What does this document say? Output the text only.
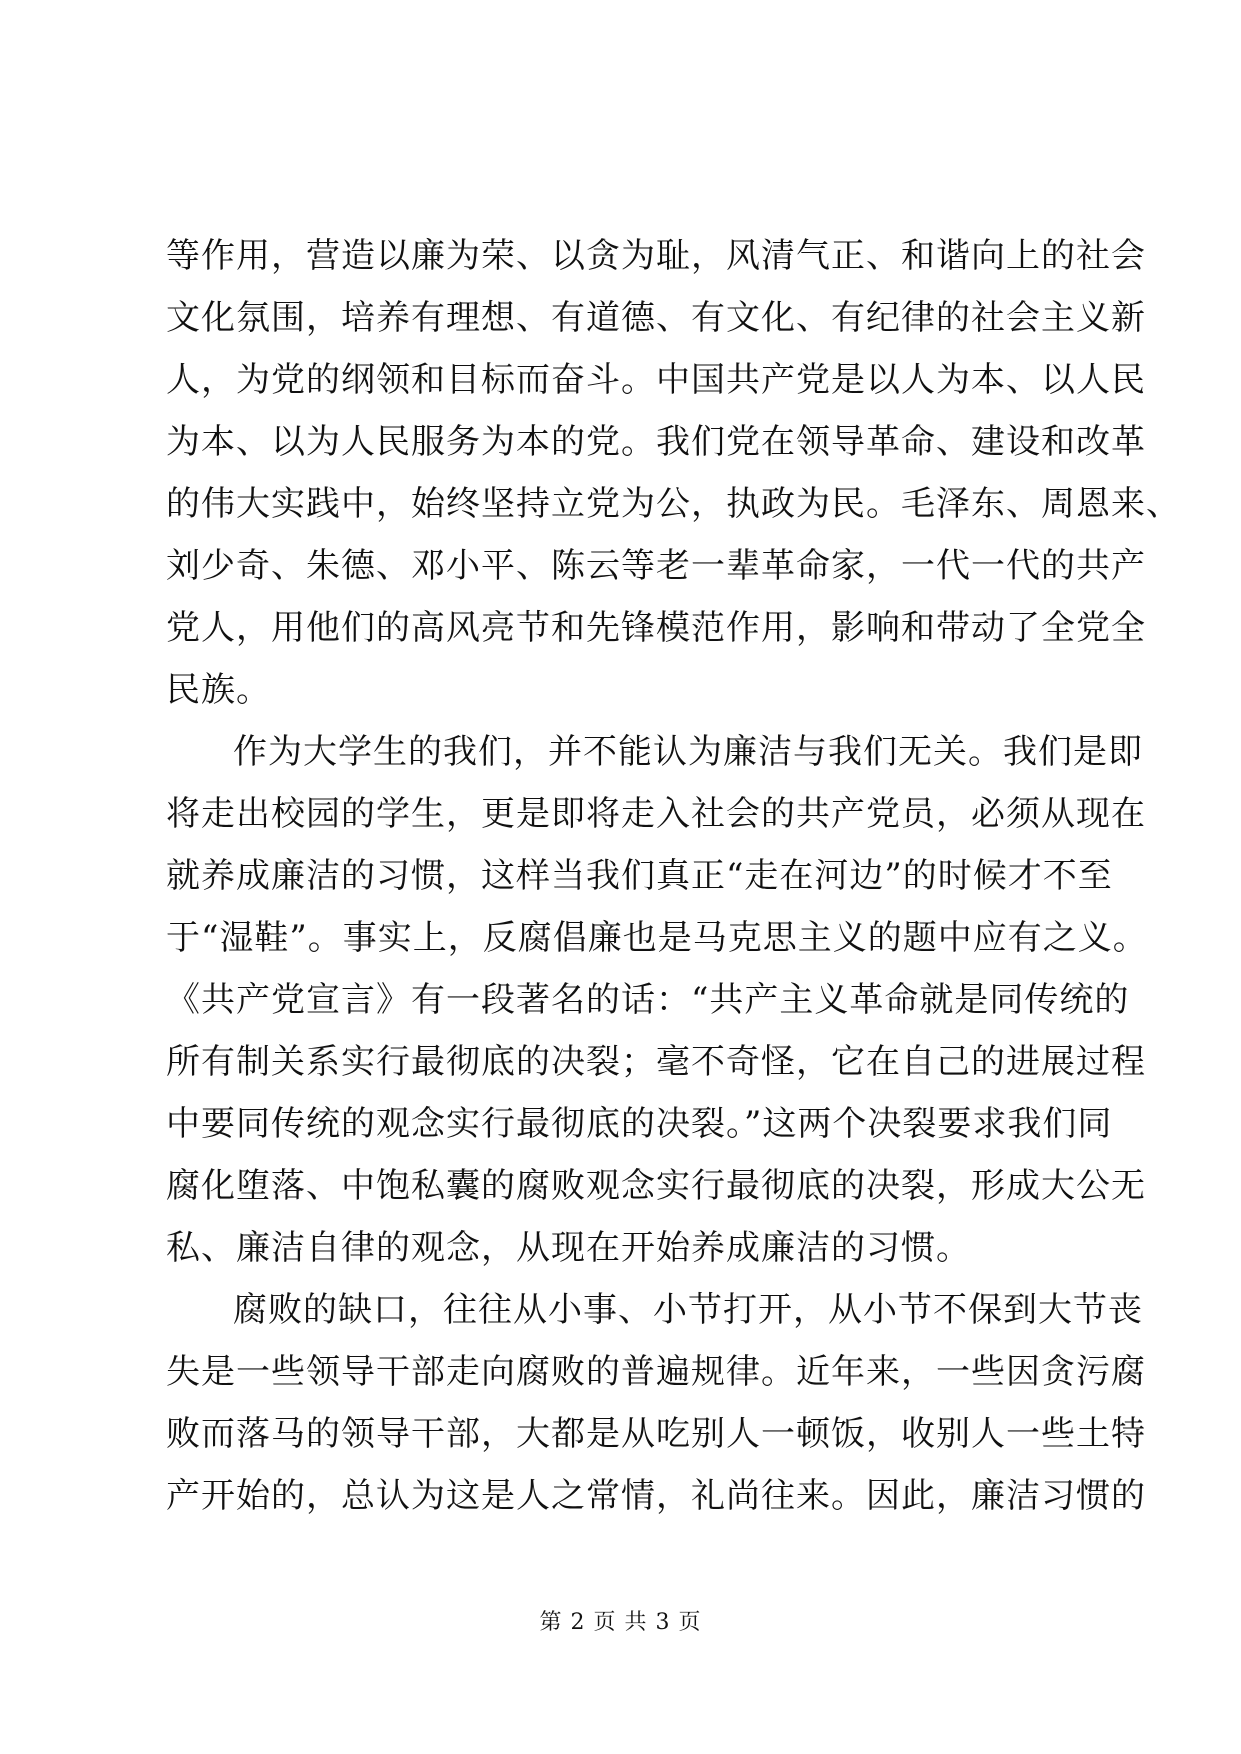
等作用，营造以廉为荣、以贪为耻，风清气正、和谐向上的社会
文化氛围，培养有理想、有道德、有文化、有纪律的社会主义新
人，为党的纲领和目标而奋斗。中国共产党是以人为本、以人民
为本、以为人民服务为本的党。我们党在领导革命、建设和改革
的伟大实践中，始终坚持立党为公，执政为民。毛泽东、周恩来、
刘少奇、朱德、邓小平、陈云等老一辈革命家，一代一代的共产
党人，用他们的高风亮节和先锋模范作用，影响和带动了全党全
民族。
作为大学生的我们，并不能认为廉洁与我们无关。我们是即
将走出校园的学生，更是即将走入社会的共产党员，必须从现在
就养成廉洁的习惯，这样当我们真正“走在河边”的时候才不至
于“湿鞋”。事实上，反腐倡廉也是马克思主义的题中应有之义。
《共产党宣言》有一段著名的话：“共产主义革命就是同传统的
所有制关系实行最彻底的决裂；毫不奇怪，它在自己的进展过程
中要同传统的观念实行最彻底的决裂。”这两个决裂要求我们同
腐化堕落、中饱私囊的腐败观念实行最彻底的决裂，形成大公无
私、廉洁自律的观念，从现在开始养成廉洁的习惯。
腐败的缺口，往往从小事、小节打开，从小节不保到大节丧
失是一些领导干部走向腐败的普遍规律。近年来，一些因贪污腐
败而落马的领导干部，大都是从吃别人一顿饭，收别人一些土特
产开始的，总认为这是人之常情，礼尚往来。因此，廉洁习惯的
第 2 页 共 3 页
